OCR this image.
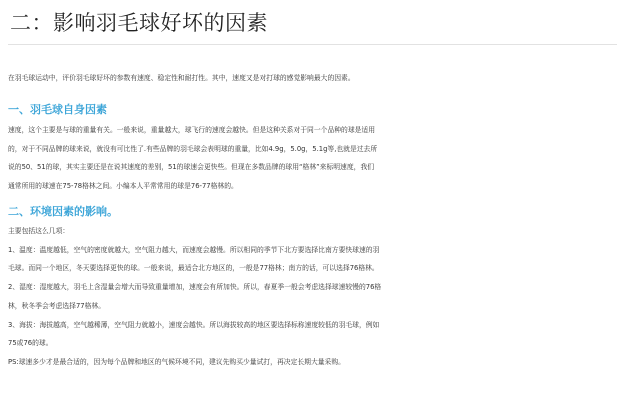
二：影响羽毛球好坏的因素

在羽毛球运动中，评价羽毛球好坏的参数有速度、稳定性和耐打性。其中，速度又是对打球的感觉影响最大的因素。

一、羽毛球自身因素

速度，这个主要是与球的重量有关。一般来说，重量越大，球飞行的速度会越快。但是这种关系对于同一个品种的球是适用
的，对于不同品牌的球来说，就没有可比性了.有些品牌的羽毛球会表明球的重量，比如4.9g，5.0g，5.1g等,也就是过去所
说的50、51的球，其实主要还是在说其速度的差别，51的球速会更快些。但现在多数品牌的球用“格林”来标明速度，我们
通常所用的球速在75-78格林之间。小编本人平常常用的球是76-77格林的。

二、环境因素的影响。

主要包括这么几项：
1、温度：温度越低，空气的密度就越大，空气阻力越大，而速度会越慢。所以相同的季节下北方要选择比南方要快球速的羽
毛球。而同一个地区，冬天要选择更快的球。一般来说，最适合北方地区的，一般是77格林；南方的话，可以选择76格林。
2、湿度：湿度越大，羽毛上含湿量会增大而导致重量增加，速度会有所加快。所以，春夏季一般会考虑选择球速较慢的76格
林，秋冬季会考虑选择77格林。
3、海拔：海拔越高，空气越稀薄，空气阻力就越小，速度会越快。所以海拔较高的地区要选择标称速度较低的羽毛球，例如
75或76的球。
PS:球速多少才是最合适的，因为每个品牌和地区的气候环境不同，建议先购买少量试打，再决定长期大量采购。
